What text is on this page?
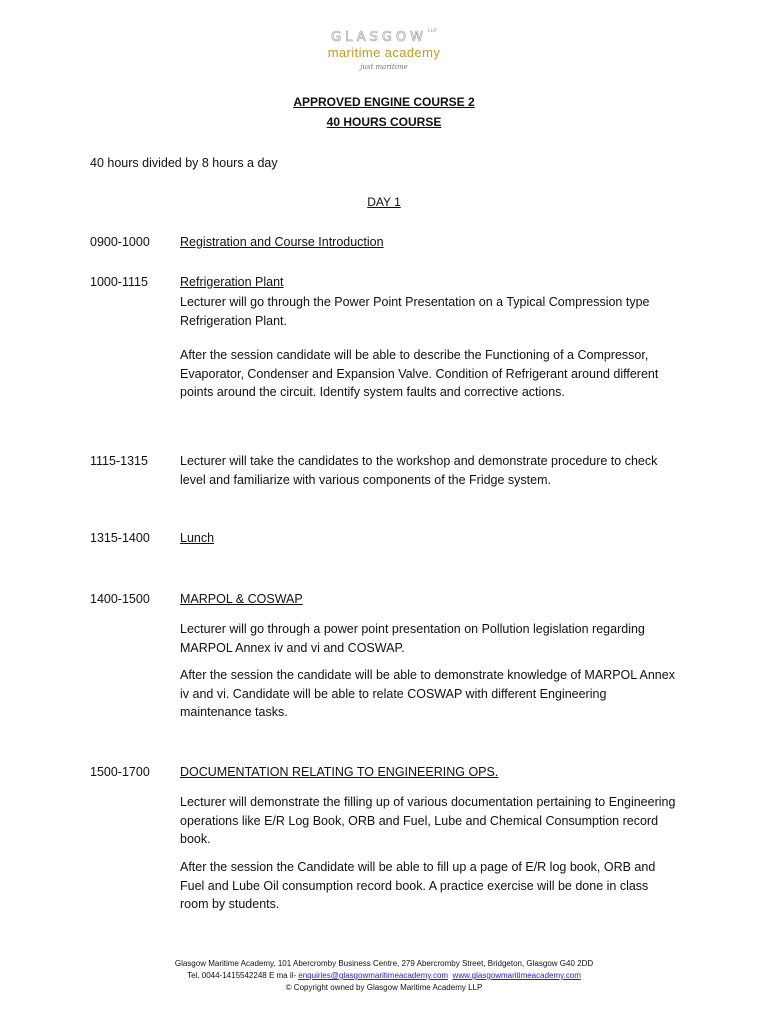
$GLASGOW^{LLP}$
maritime academy
just maritime
APPROVED ENGINE COURSE 2
40 HOURS COURSE
40 hours divided by 8 hours a day
DAY 1
0900-1000 Registration and Course Introduction
1000-1115	Refrigeration Plant
Lecturer will go through the Power Point Presentation on a Typical Compression type Refrigeration Plant.
After the session candidate will be able to describe the Functioning of a Compressor, Evaporator, Condenser and Expansion Valve. Condition of Refrigerant around different points around the circuit. Identify system faults and corrective actions.
1115-1315	Lecturer will take the candidates to the workshop and demonstrate procedure to check level and familiarize with various components of the Fridge system.
1315-1400 Lunch
1400-1500 MARPOL & COSWAP
Lecturer will go through a power point presentation on Pollution legislation regarding MARPOL Annex iv and vi and COSWAP.
After the session the candidate will be able to demonstrate knowledge of MARPOL Annex iv and vi. Candidate will be able to relate COSWAP with different Engineering maintenance tasks.
1500-1700 DOCUMENTATION RELATING TO ENGINEERING OPS.
Lecturer will demonstrate the filling up of various documentation pertaining to Engineering operations like E/R Log Book, ORB and Fuel, Lube and Chemical Consumption record book.
After the session the Candidate will be able to fill up a page of E/R log book, ORB and Fuel and Lube Oil consumption record book. A practice exercise will be done in class room by students.
Glasgow Maritime Academy, 101 Abercromby Business Centre, 279 Abercromby Street, Bridgeton, Glasgow G40 2DD
Tel. 0044-1415542248 E ma il- enquiries@glasgowmaritimeacademy.com www.glasgowmaritimeacademy.com
© Copyright owned by Glasgow Maritime Academy LLP
